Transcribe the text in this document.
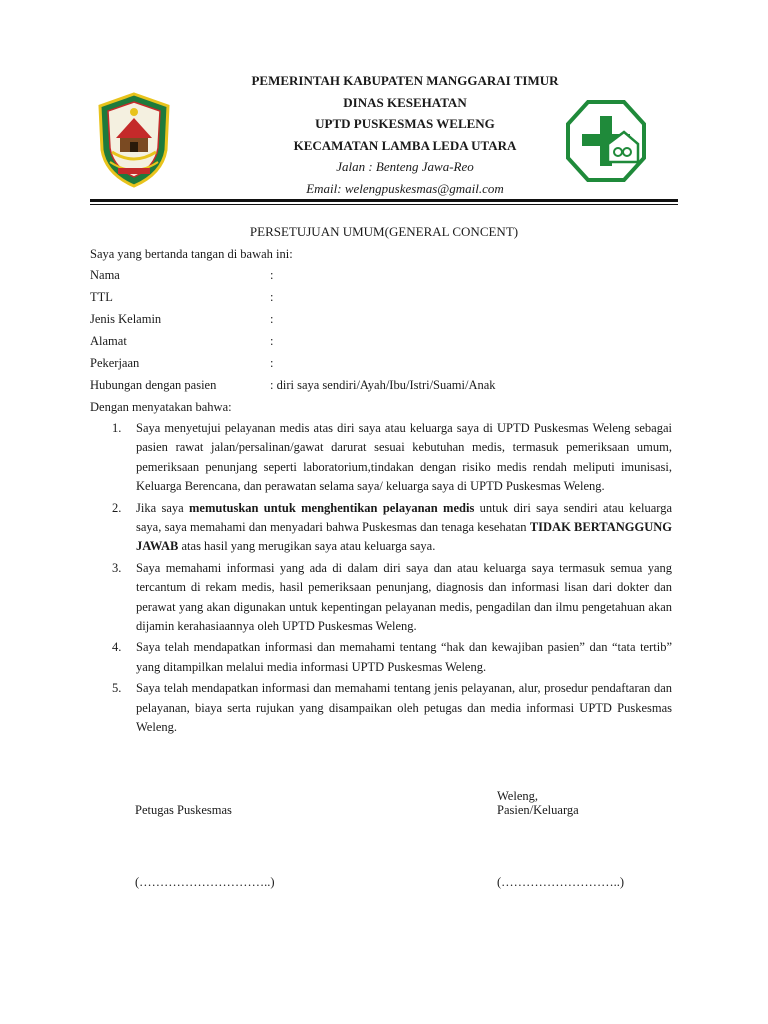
PEMERINTAH KABUPATEN MANGGARAI TIMUR
DINAS KESEHATAN
UPTD PUSKESMAS WELENG
KECAMATAN LAMBA LEDA UTARA
Jalan : Benteng Jawa-Reo
Email: welengpuskesmas@gmail.com
PERSETUJUAN UMUM(GENERAL CONCENT)
Saya yang bertanda tangan di bawah ini:
Nama	:
TTL	:
Jenis Kelamin	:
Alamat	:
Pekerjaan	:
Hubungan dengan pasien	: diri saya sendiri/Ayah/Ibu/Istri/Suami/Anak
Dengan menyatakan bahwa:
1. Saya menyetujui pelayanan medis atas diri saya atau keluarga saya di UPTD Puskesmas Weleng sebagai pasien rawat jalan/persalinan/gawat darurat sesuai kebutuhan medis, termasuk pemeriksaan umum, pemeriksaan penunjang seperti laboratorium,tindakan dengan risiko medis rendah meliputi imunisasi, Keluarga Berencana, dan perawatan selama saya/ keluarga saya di UPTD Puskesmas Weleng.
2. Jika saya memutuskan untuk menghentikan pelayanan medis untuk diri saya sendiri atau keluarga saya, saya memahami dan menyadari bahwa Puskesmas dan tenaga kesehatan TIDAK BERTANGGUNG JAWAB atas hasil yang merugikan saya atau keluarga saya.
3. Saya memahami informasi yang ada di dalam diri saya dan atau keluarga saya termasuk semua yang tercantum di rekam medis, hasil pemeriksaan penunjang, diagnosis dan informasi lisan dari dokter dan perawat yang akan digunakan untuk kepentingan pelayanan medis, pengadilan dan ilmu pengetahuan akan dijamin kerahasiaannya oleh UPTD Puskesmas Weleng.
4. Saya telah mendapatkan informasi dan memahami tentang “hak dan kewajiban pasien” dan “tata tertib” yang ditampilkan melalui media informasi UPTD Puskesmas Weleng.
5. Saya telah mendapatkan informasi dan memahami tentang jenis pelayanan, alur, prosedur pendaftaran dan pelayanan, biaya serta rujukan yang disampaikan oleh petugas dan media informasi UPTD Puskesmas Weleng.
Weleng,
Petugas Puskesmas	Pasien/Keluarga
(…………………………..)	(………………………..)
